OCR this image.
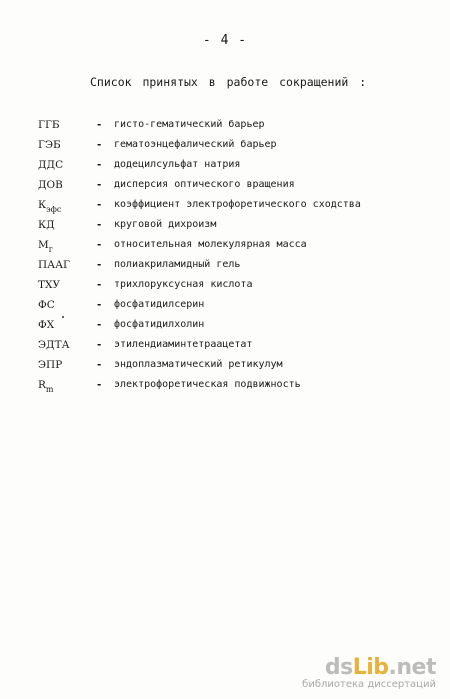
- 4 -
Список принятых в работе сокращений :
ГГБ	-	гисто-гематический барьер
ГЭБ	-	гематоэнцефалический барьер
ДДС	-	додецилсульфат натрия
ДОВ	-	дисперсия оптического вращения
$К_{эфс}$	-	коэффициент электрофоретического сходства
КД	-	круговой дихроизм
$М_г$	-	относительная молекулярная масса
ПААГ	-	полиакриламидный гель
ТХУ	-	трихлоруксусная кислота
ФС	-	фосфатидилсерин
ФХ	-	фосфатидилхолин
ЭДТА	-	этилендиаминтетраацетат
ЭПР	-	эндоплазматический ретикулум
$R_m$	-	электрофоретическая подвижность
dsLib.net
библиотека диссертаций
